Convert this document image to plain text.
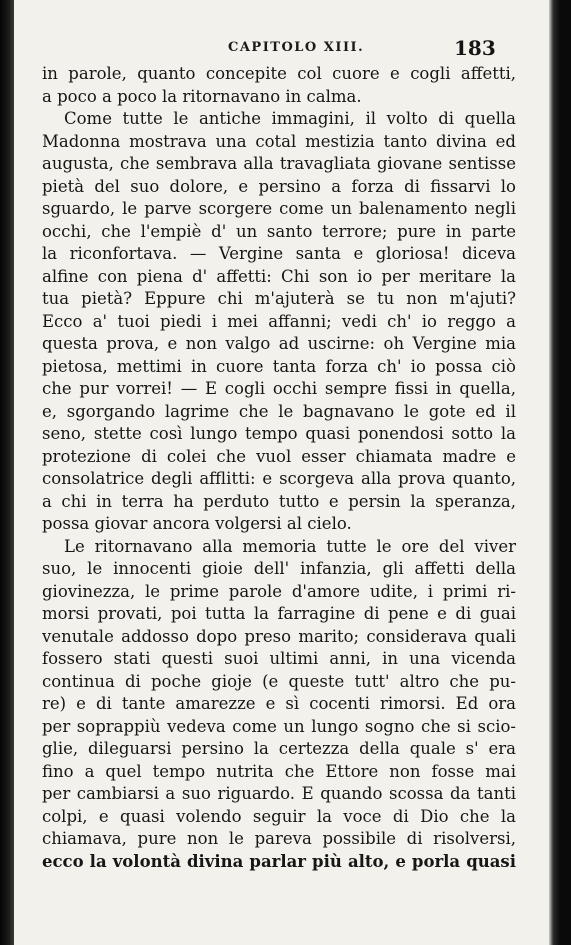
CAPITOLO XIII.	183
in parole, quanto concepite col cuore e cogli affetti,
a poco a poco la ritornavano in calma.
Come tutte le antiche immagini, il volto di quella
Madonna mostrava una cotal mestizia tanto divina ed
augusta, che sembrava alla travagliata giovane sentisse
pietà del suo dolore, e persino a forza di fissarvi lo
sguardo, le parve scorgere come un balenamento negli
occhi, che l'empiè d' un santo terrore; pure in parte
la riconfortava. — Vergine santa e gloriosa! diceva
alfine con piena d' affetti: Chi son io per meritare la
tua pietà? Eppure chi m'ajuterà se tu non m'ajuti?
Ecco a' tuoi piedi i mei affanni; vedi ch' io reggo a
questa prova, e non valgo ad uscirne: oh Vergine mia
pietosa, mettimi in cuore tanta forza ch' io possa ciò
che pur vorrei! — E cogli occhi sempre fissi in quella,
e, sgorgando lagrime che le bagnavano le gote ed il
seno, stette così lungo tempo quasi ponendosi sotto la
protezione di colei che vuol esser chiamata madre e
consolatrice degli afflitti: e scorgeva alla prova quanto,
a chi in terra ha perduto tutto e persin la speranza,
possa giovar ancora volgersi al cielo.
Le ritornavano alla memoria tutte le ore del viver
suo, le innocenti gioie dell' infanzia, gli affetti della
giovinezza, le prime parole d'amore udite, i primi ri-
morsi provati, poi tutta la farragine di pene e di guai
venutale addosso dopo preso marito; considerava quali
fossero stati questi suoi ultimi anni, in una vicenda
continua di poche gioje (e queste tutt' altro che pu-
re) e di tante amarezze e sì cocenti rimorsi. Ed ora
per soprappiù vedeva come un lungo sogno che si scio-
glie, dileguarsi persino la certezza della quale s' era
fino a quel tempo nutrita che Ettore non fosse mai
per cambiarsi a suo riguardo. E quando scossa da tanti
colpi, e quasi volendo seguir la voce di Dio che la
chiamava, pure non le pareva possibile di risolversi,
ecco la volontà divina parlar più alto, e porla quasi
